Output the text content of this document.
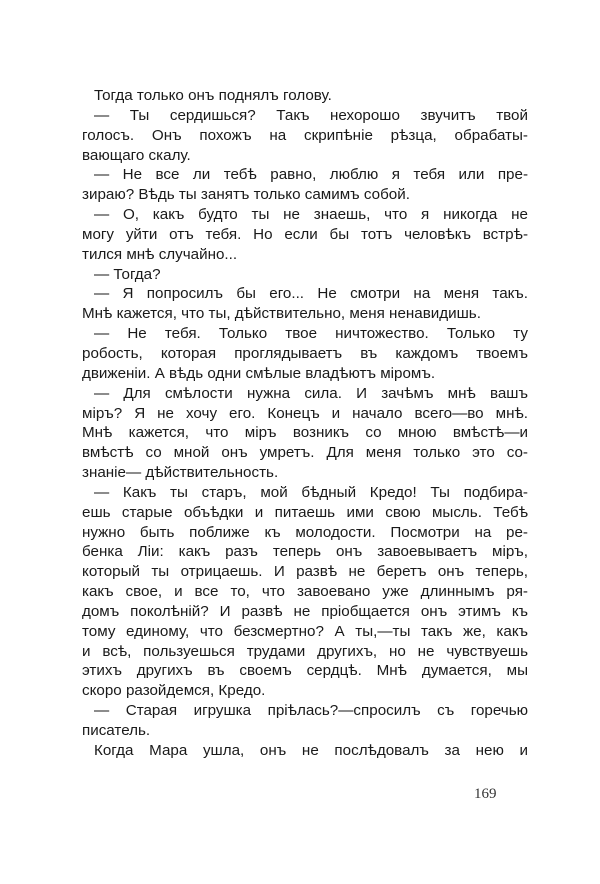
Тогда только онъ поднялъ голову.
— Ты сердишься? Такъ нехорошо звучитъ твой
голосъ. Онъ похожъ на скрипѣніе рѣзца, обрабаты-
вающаго скалу.
— Не все ли тебѣ равно, люблю я тебя или пре-
зираю? Вѣдь ты занятъ только самимъ собой.
— О, какъ будто ты не знаешь, что я никогда не
могу уйти отъ тебя. Но если бы тотъ человѣкъ встрѣ-
тился мнѣ случайно...
— Тогда?
— Я попросилъ бы его... Не смотри на меня такъ.
Мнѣ кажется, что ты, дѣйствительно, меня ненавидишь.
— Не тебя. Только твое ничтожество. Только ту
робость, которая проглядываетъ въ каждомъ твоемъ
движеніи. А вѣдь одни смѣлые владѣютъ міромъ.
— Для смѣлости нужна сила. И зачѣмъ мнѣ вашъ
міръ? Я не хочу его. Конецъ и начало всего—во мнѣ.
Мнѣ кажется, что міръ возникъ со мною вмѣстѣ—и
вмѣстѣ со мной онъ умретъ. Для меня только это со-
знаніе— дѣйствительность.
— Какъ ты старъ, мой бѣдный Кредо! Ты подбира-
ешь старые объѣдки и питаешь ими свою мысль. Тебѣ
нужно быть поближе къ молодости. Посмотри на ре-
бенка Ліи: какъ разъ теперь онъ завоевываетъ міръ,
который ты отрицаешь. И развѣ не беретъ онъ теперь,
какъ свое, и все то, что завоевано уже длиннымъ ря-
домъ поколѣній? И развѣ не пріобщается онъ этимъ къ
тому единому, что безсмертно? А ты,—ты такъ же, какъ
и всѣ, пользуешься трудами другихъ, но не чувствуешь
этихъ другихъ въ своемъ сердцѣ. Мнѣ думается, мы
скоро разойдемся, Кредо.
— Старая игрушка пріѣлась?—спросилъ съ горечью
писатель.
Когда Мара ушла, онъ не послѣдовалъ за нею и
169
